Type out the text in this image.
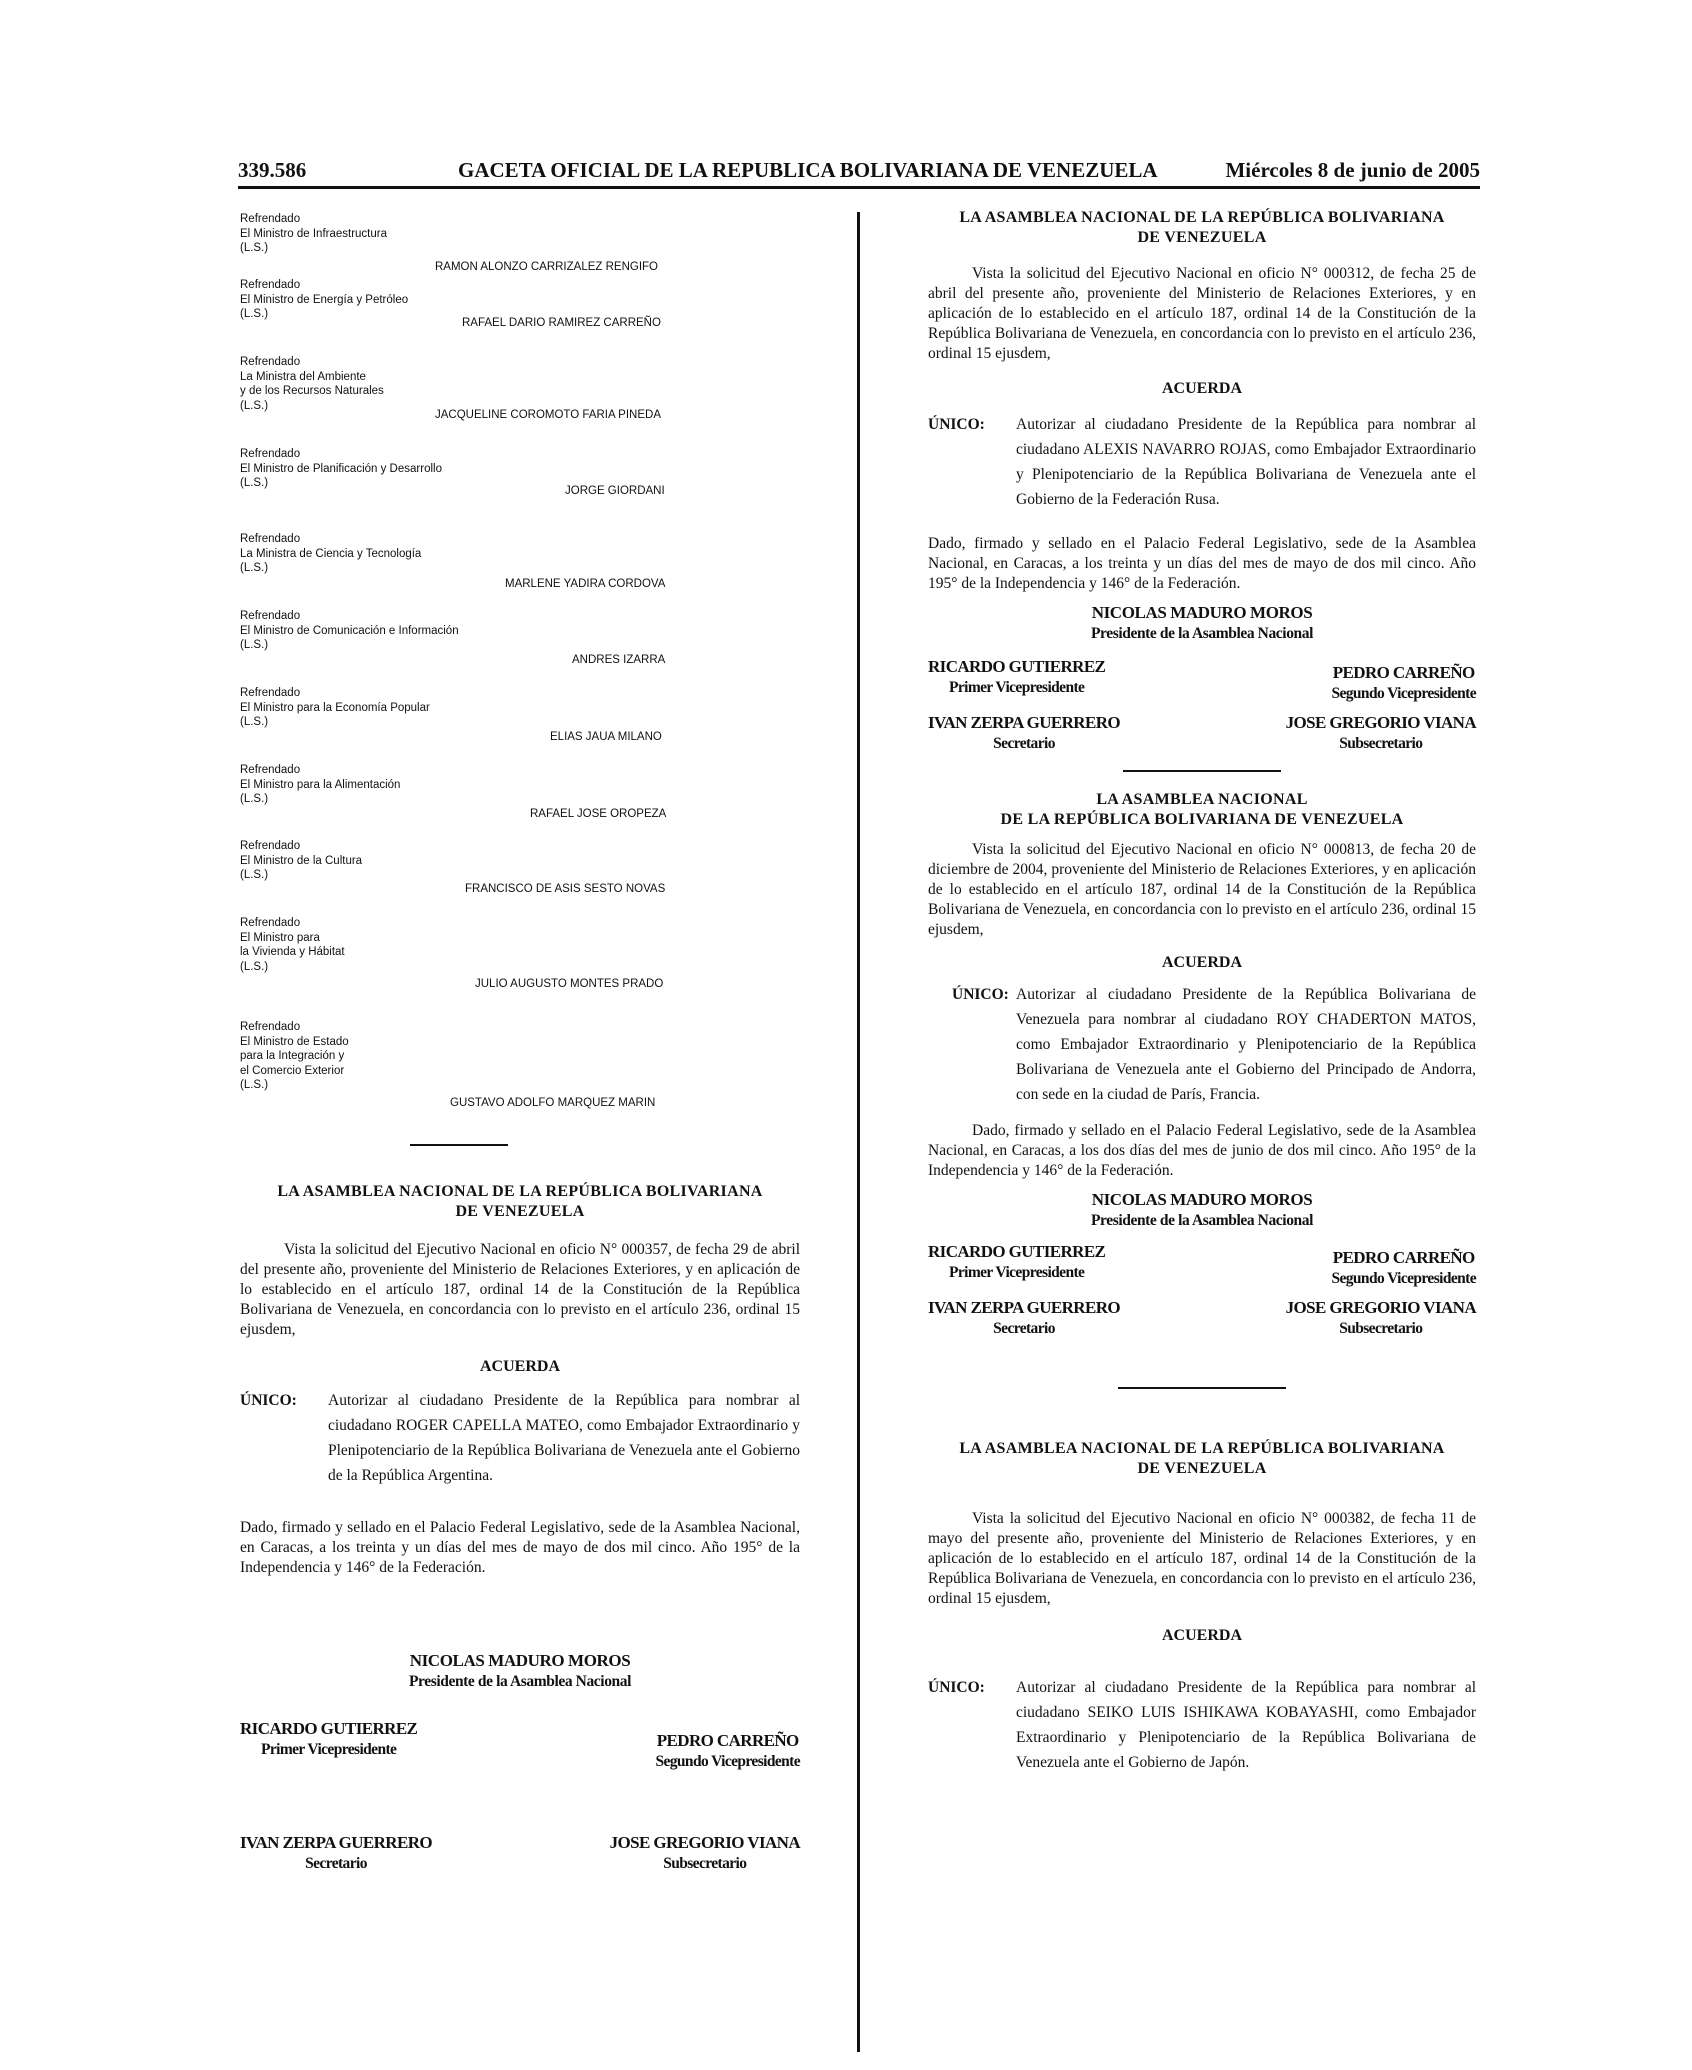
339.586	GACETA OFICIAL DE LA REPUBLICA BOLIVARIANA DE VENEZUELA	Miércoles 8 de junio de 2005
Refrendado
El Ministro de Infraestructura
(L.S.)
RAMON ALONZO CARRIZALEZ RENGIFO
Refrendado
El Ministro de Energía y Petróleo
(L.S.)
RAFAEL DARIO RAMIREZ CARREÑO
Refrendado
La Ministra del Ambiente
y de los Recursos Naturales
(L.S.)
JACQUELINE COROMOTO FARIA PINEDA
Refrendado
El Ministro de Planificación y Desarrollo
(L.S.)
JORGE GIORDANI
Refrendado
La Ministra de Ciencia y Tecnología
(L.S.)
MARLENE YADIRA CORDOVA
Refrendado
El Ministro de Comunicación e Información
(L.S.)
ANDRES IZARRA
Refrendado
El Ministro para la Economía Popular
(L.S.)
ELIAS JAUA MILANO
Refrendado
El Ministro para la Alimentación
(L.S.)
RAFAEL JOSE OROPEZA
Refrendado
El Ministro de la Cultura
(L.S.)
FRANCISCO DE ASIS SESTO NOVAS
Refrendado
El Ministro para
la Vivienda y Hábitat
(L.S.)
JULIO AUGUSTO MONTES PRADO
Refrendado
El Ministro de Estado
para la Integración y
el Comercio Exterior
(L.S.)
GUSTAVO ADOLFO MARQUEZ MARIN
LA ASAMBLEA NACIONAL DE LA REPÚBLICA BOLIVARIANA
DE VENEZUELA

Vista la solicitud del Ejecutivo Nacional en oficio N° 000357, de fecha 29 de abril del presente año, proveniente del Ministerio de Relaciones Exteriores, y en aplicación de lo establecido en el artículo 187, ordinal 14 de la Constitución de la República Bolivariana de Venezuela, en concordancia con lo previsto en el artículo 236, ordinal 15 ejusdem,

ACUERDA
ÚNICO:	Autorizar al ciudadano Presidente de la República para nombrar al ciudadano ROGER CAPELLA MATEO, como Embajador Extraordinario y Plenipotenciario de la República Bolivariana de Venezuela ante el Gobierno de la República Argentina.

Dado, firmado y sellado en el Palacio Federal Legislativo, sede de la Asamblea Nacional, en Caracas, a los treinta y un días del mes de mayo de dos mil cinco. Año 195° de la Independencia y 146° de la Federación.

NICOLAS MADURO MOROS
Presidente de la Asamblea Nacional
RICARDO GUTIERREZ
Primer Vicepresidente	PEDRO CARREÑO
Segundo Vicepresidente
IVAN ZERPA GUERRERO
Secretario
JOSE GREGORIO VIANA
Subsecretario
LA ASAMBLEA NACIONAL DE LA REPÚBLICA BOLIVARIANA
DE VENEZUELA

Vista la solicitud del Ejecutivo Nacional en oficio N° 000312, de fecha 25 de abril del presente año, proveniente del Ministerio de Relaciones Exteriores, y en aplicación de lo establecido en el artículo 187, ordinal 14 de la Constitución de la República Bolivariana de Venezuela, en concordancia con lo previsto en el artículo 236, ordinal 15 ejusdem,

ACUERDA
ÚNICO:	Autorizar al ciudadano Presidente de la República para nombrar al ciudadano ALEXIS NAVARRO ROJAS, como Embajador Extraordinario y Plenipotenciario de la República Bolivariana de Venezuela ante el Gobierno de la Federación Rusa.

Dado, firmado y sellado en el Palacio Federal Legislativo, sede de la Asamblea Nacional, en Caracas, a los treinta y un días del mes de mayo de dos mil cinco. Año 195° de la Independencia y 146° de la Federación.

NICOLAS MADURO MOROS
Presidente de la Asamblea Nacional
RICARDO GUTIERREZ
Primer Vicepresidente
PEDRO CARREÑO
Segundo Vicepresidente
IVAN ZERPA GUERRERO
Secretario
JOSE GREGORIO VIANA
Subsecretario
LA ASAMBLEA NACIONAL
DE LA REPÚBLICA BOLIVARIANA DE VENEZUELA

Vista la solicitud del Ejecutivo Nacional en oficio N° 000813, de fecha 20 de diciembre de 2004, proveniente del Ministerio de Relaciones Exteriores, y en aplicación de lo establecido en el artículo 187, ordinal 14 de la Constitución de la República Bolivariana de Venezuela, en concordancia con lo previsto en el artículo 236, ordinal 15 ejusdem,

ACUERDA
ÚNICO: Autorizar al ciudadano Presidente de la República Bolivariana de Venezuela para nombrar al ciudadano ROY CHADERTON MATOS, como Embajador Extraordinario y Plenipotenciario de la República Bolivariana de Venezuela ante el Gobierno del Principado de Andorra, con sede en la ciudad de París, Francia.

Dado, firmado y sellado en el Palacio Federal Legislativo, sede de la Asamblea Nacional, en Caracas, a los dos días del mes de junio de dos mil cinco. Año 195° de la Independencia y 146° de la Federación.

NICOLAS MADURO MOROS
Presidente de la Asamblea Nacional
RICARDO GUTIERREZ
Primer Vicepresidente
PEDRO CARREÑO
Segundo Vicepresidente
IVAN ZERPA GUERRERO
Secretario
JOSE GREGORIO VIANA
Subsecretario
LA ASAMBLEA NACIONAL DE LA REPÚBLICA BOLIVARIANA
DE VENEZUELA

Vista la solicitud del Ejecutivo Nacional en oficio N° 000382, de fecha 11 de mayo del presente año, proveniente del Ministerio de Relaciones Exteriores, y en aplicación de lo establecido en el artículo 187, ordinal 14 de la Constitución de la República Bolivariana de Venezuela, en concordancia con lo previsto en el artículo 236, ordinal 15 ejusdem,

ACUERDA
ÚNICO:	Autorizar al ciudadano Presidente de la República para nombrar al ciudadano SEIKO LUIS ISHIKAWA KOBAYASHI, como Embajador Extraordinario y Plenipotenciario de la República Bolivariana de Venezuela ante el Gobierno de Japón.
